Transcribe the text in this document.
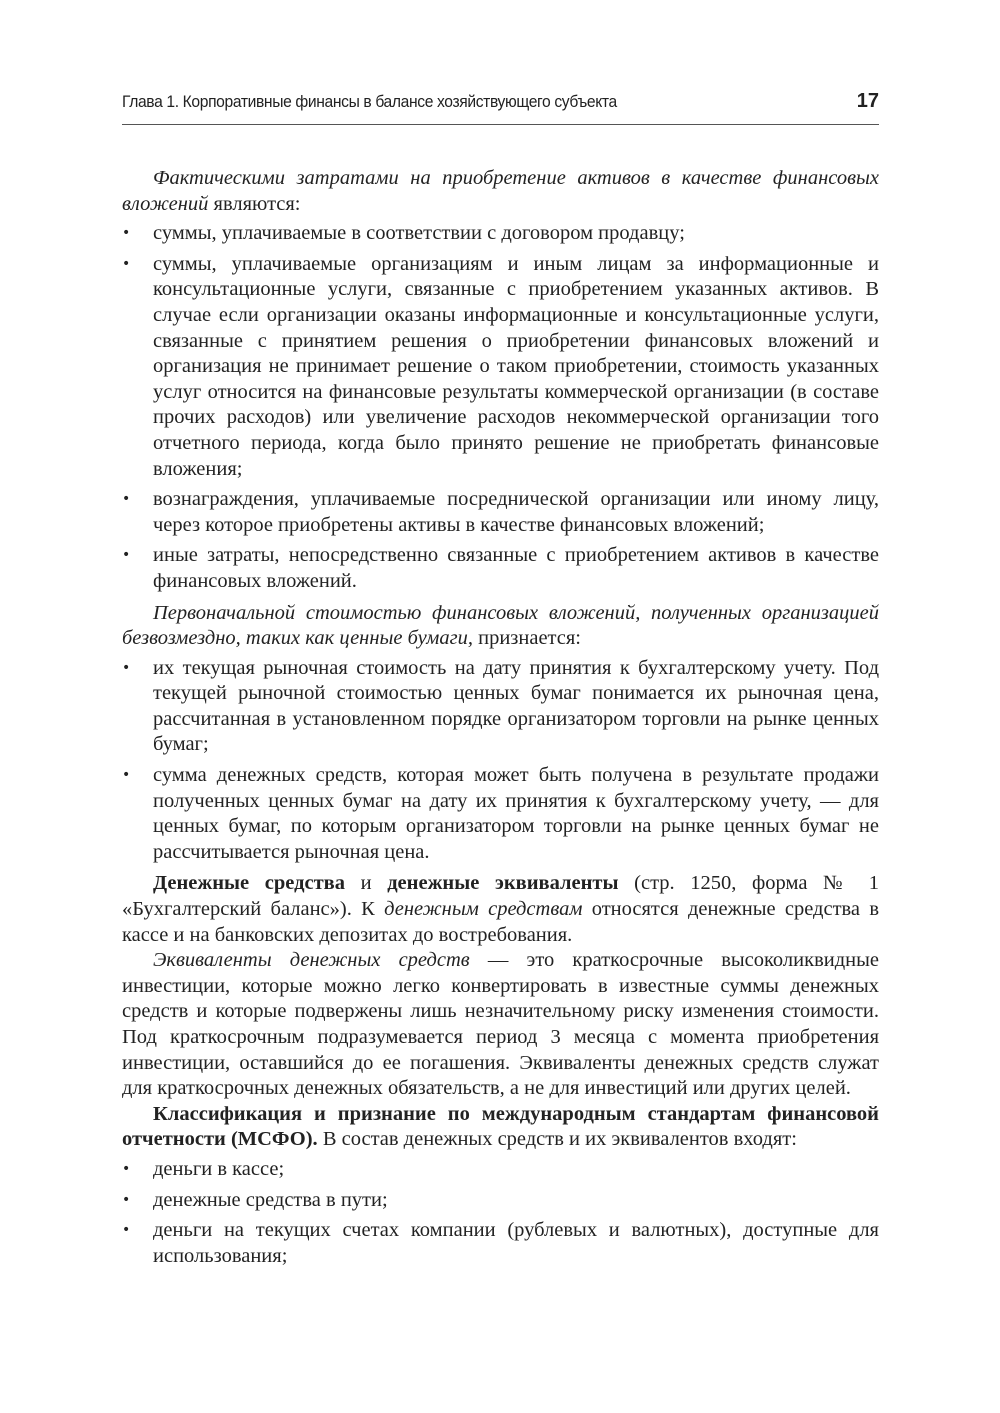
Глава 1. Корпоративные финансы в балансе хозяйствующего субъекта	17

Фактическими затратами на приобретение активов в качестве финансовых вложений являются:

• суммы, уплачиваемые в соответствии с договором продавцу;
• суммы, уплачиваемые организациям и иным лицам за информационные и консультационные услуги, связанные с приобретением указанных активов. В случае если организации оказаны информационные и консультационные услуги, связанные с принятием решения о приобретении финансовых вложений и организация не принимает решение о таком приобретении, стоимость указанных услуг относится на финансовые результаты коммерческой организации (в составе прочих расходов) или увеличение расходов некоммерческой организации того отчетного периода, когда было принято решение не приобретать финансовые вложения;
• вознаграждения, уплачиваемые посреднической организации или иному лицу, через которое приобретены активы в качестве финансовых вложений;
• иные затраты, непосредственно связанные с приобретением активов в качестве финансовых вложений.

Первоначальной стоимостью финансовых вложений, полученных организацией безвозмездно, таких как ценные бумаги, признается:

• их текущая рыночная стоимость на дату принятия к бухгалтерскому учету. Под текущей рыночной стоимостью ценных бумаг понимается их рыночная цена, рассчитанная в установленном порядке организатором торговли на рынке ценных бумаг;
• сумма денежных средств, которая может быть получена в результате продажи полученных ценных бумаг на дату их принятия к бухгалтерскому учету, — для ценных бумаг, по которым организатором торговли на рынке ценных бумаг не рассчитывается рыночная цена.

Денежные средства и денежные эквиваленты (стр. 1250, форма № 1 «Бухгалтерский баланс»). К денежным средствам относятся денежные средства в кассе и на банковских депозитах до востребования.

Эквиваленты денежных средств — это краткосрочные высоколиквидные инвестиции, которые можно легко конвертировать в известные суммы денежных средств и которые подвержены лишь незначительному риску изменения стоимости. Под краткосрочным подразумевается период 3 месяца с момента приобретения инвестиции, оставшийся до ее погашения. Эквиваленты денежных средств служат для краткосрочных денежных обязательств, а не для инвестиций или других целей.

Классификация и признание по международным стандартам финансовой отчетности (МСФО). В состав денежных средств и их эквивалентов входят:

• деньги в кассе;
• денежные средства в пути;
• деньги на текущих счетах компании (рублевых и валютных), доступные для использования;
